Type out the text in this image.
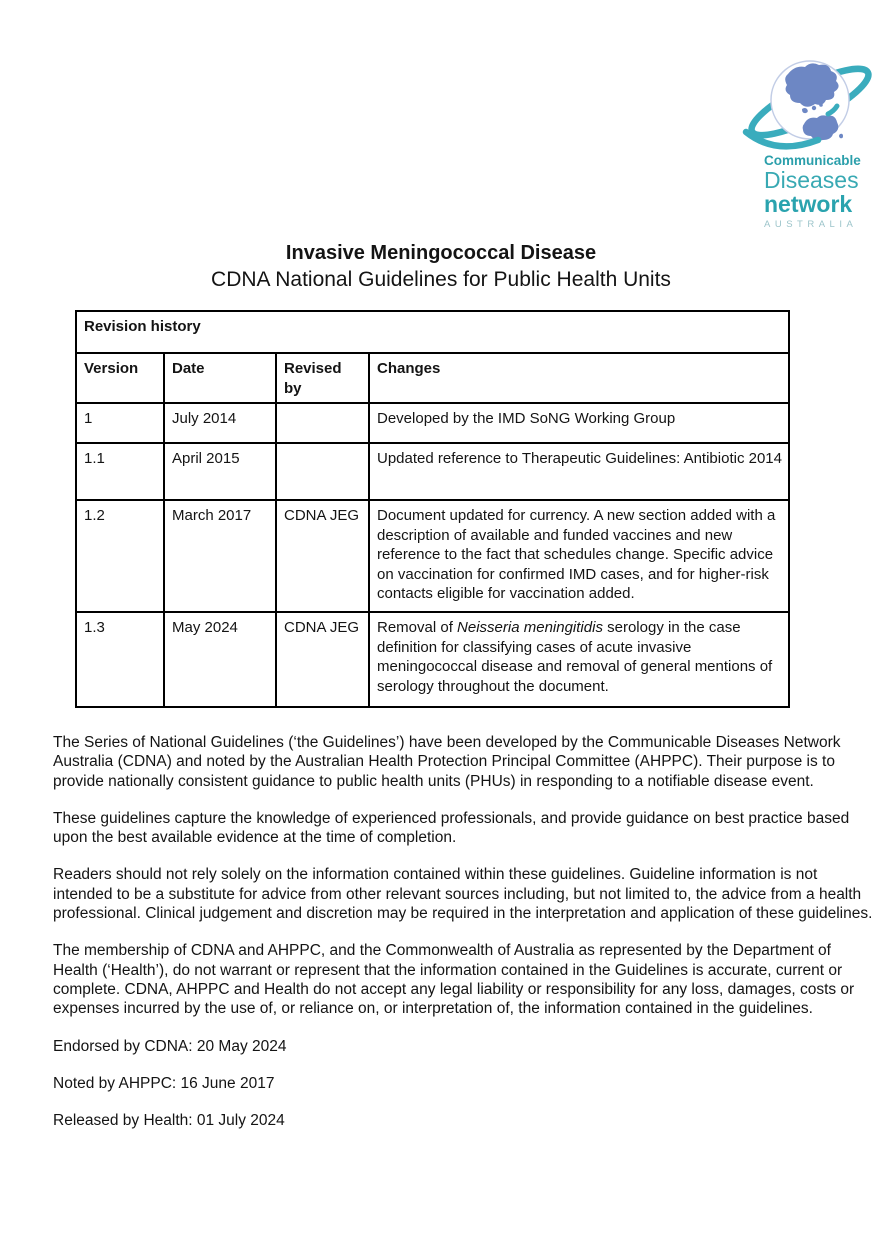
Communicable
Diseases
network
AUSTRALIA
Invasive Meningococcal Disease
CDNA National Guidelines for Public Health Units
Revision history			
Version	Date	Revised by	Changes
1	July 2014		Developed by the IMD SoNG Working Group
1.1	April 2015		Updated reference to Therapeutic Guidelines: Antibiotic 2014
1.2	March 2017	CDNA JEG	Document updated for currency. A new section added with a description of available and funded vaccines and new reference to the fact that schedules change. Specific advice on vaccination for confirmed IMD cases, and for higher-risk contacts eligible for vaccination added.
1.3	May 2024	CDNA JEG	Removal of Neisseria meningitidis serology in the case definition for classifying cases of acute invasive meningococcal disease and removal of general mentions of serology throughout the document.

The Series of National Guidelines (‘the Guidelines’) have been developed by the Communicable Diseases Network Australia (CDNA) and noted by the Australian Health Protection Principal Committee (AHPPC). Their purpose is to provide nationally consistent guidance to public health units (PHUs) in responding to a notifiable disease event.

These guidelines capture the knowledge of experienced professionals, and provide guidance on best practice based upon the best available evidence at the time of completion.

Readers should not rely solely on the information contained within these guidelines. Guideline information is not intended to be a substitute for advice from other relevant sources including, but not limited to, the advice from a health professional. Clinical judgement and discretion may be required in the interpretation and application of these guidelines.

The membership of CDNA and AHPPC, and the Commonwealth of Australia as represented by the Department of Health (‘Health’), do not warrant or represent that the information contained in the Guidelines is accurate, current or complete. CDNA, AHPPC and Health do not accept any legal liability or responsibility for any loss, damages, costs or expenses incurred by the use of, or reliance on, or interpretation of, the information contained in the guidelines.

Endorsed by CDNA: 20 May 2024

Noted by AHPPC: 16 June 2017

Released by Health: 01 July 2024
